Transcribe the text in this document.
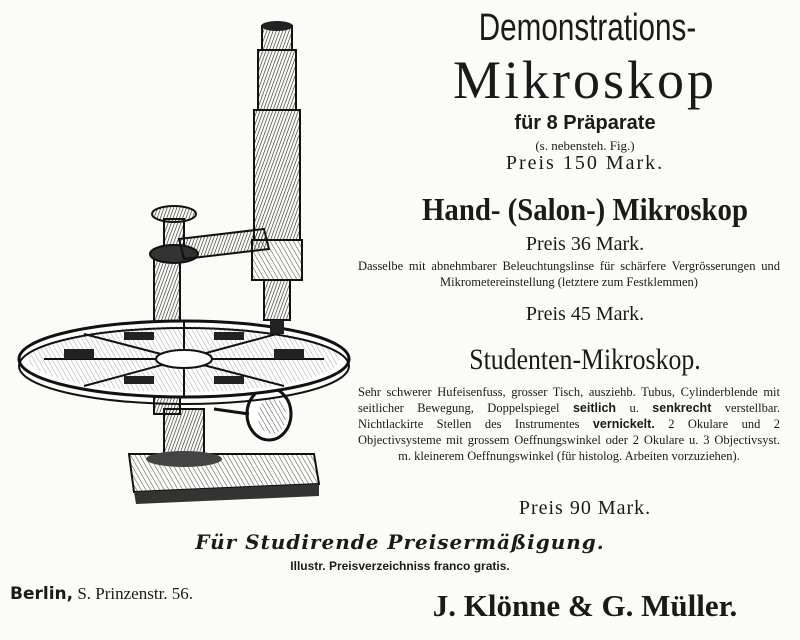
Demonstrations-
Mikroskop
für 8 Präparate
(s. nebensteh. Fig.)
Preis 150 Mark.
Hand- (Salon-) Mikroskop
Preis 36 Mark.
Dasselbe mit abnehmbarer Beleuchtungslinse für schärfere Vergrösserungen und Mikrometereinstellung (letztere zum Festklemmen)
Preis 45 Mark.
Studenten-Mikroskop.
Sehr schwerer Hufeisenfuss, grosser Tisch, ausziehb. Tubus, Cylinderblende mit seitlicher Bewegung, Doppelspiegel seitlich u. senkrecht verstellbar. Nichtlackirte Stellen des Instrumentes vernickelt. 2 Okulare und 2 Objectivsysteme mit grossem Oeffnungswinkel oder 2 Okulare u. 3 Objectivsyst. m. kleinerem Oeffnungswinkel (für histolog. Arbeiten vorzuziehen).
Preis 90 Mark.
Für Studirende Preisermäßigung.
Illustr. Preisverzeichniss franco gratis.
Berlin, S. Prinzenstr. 56.	J. Klönne & G. Müller.
